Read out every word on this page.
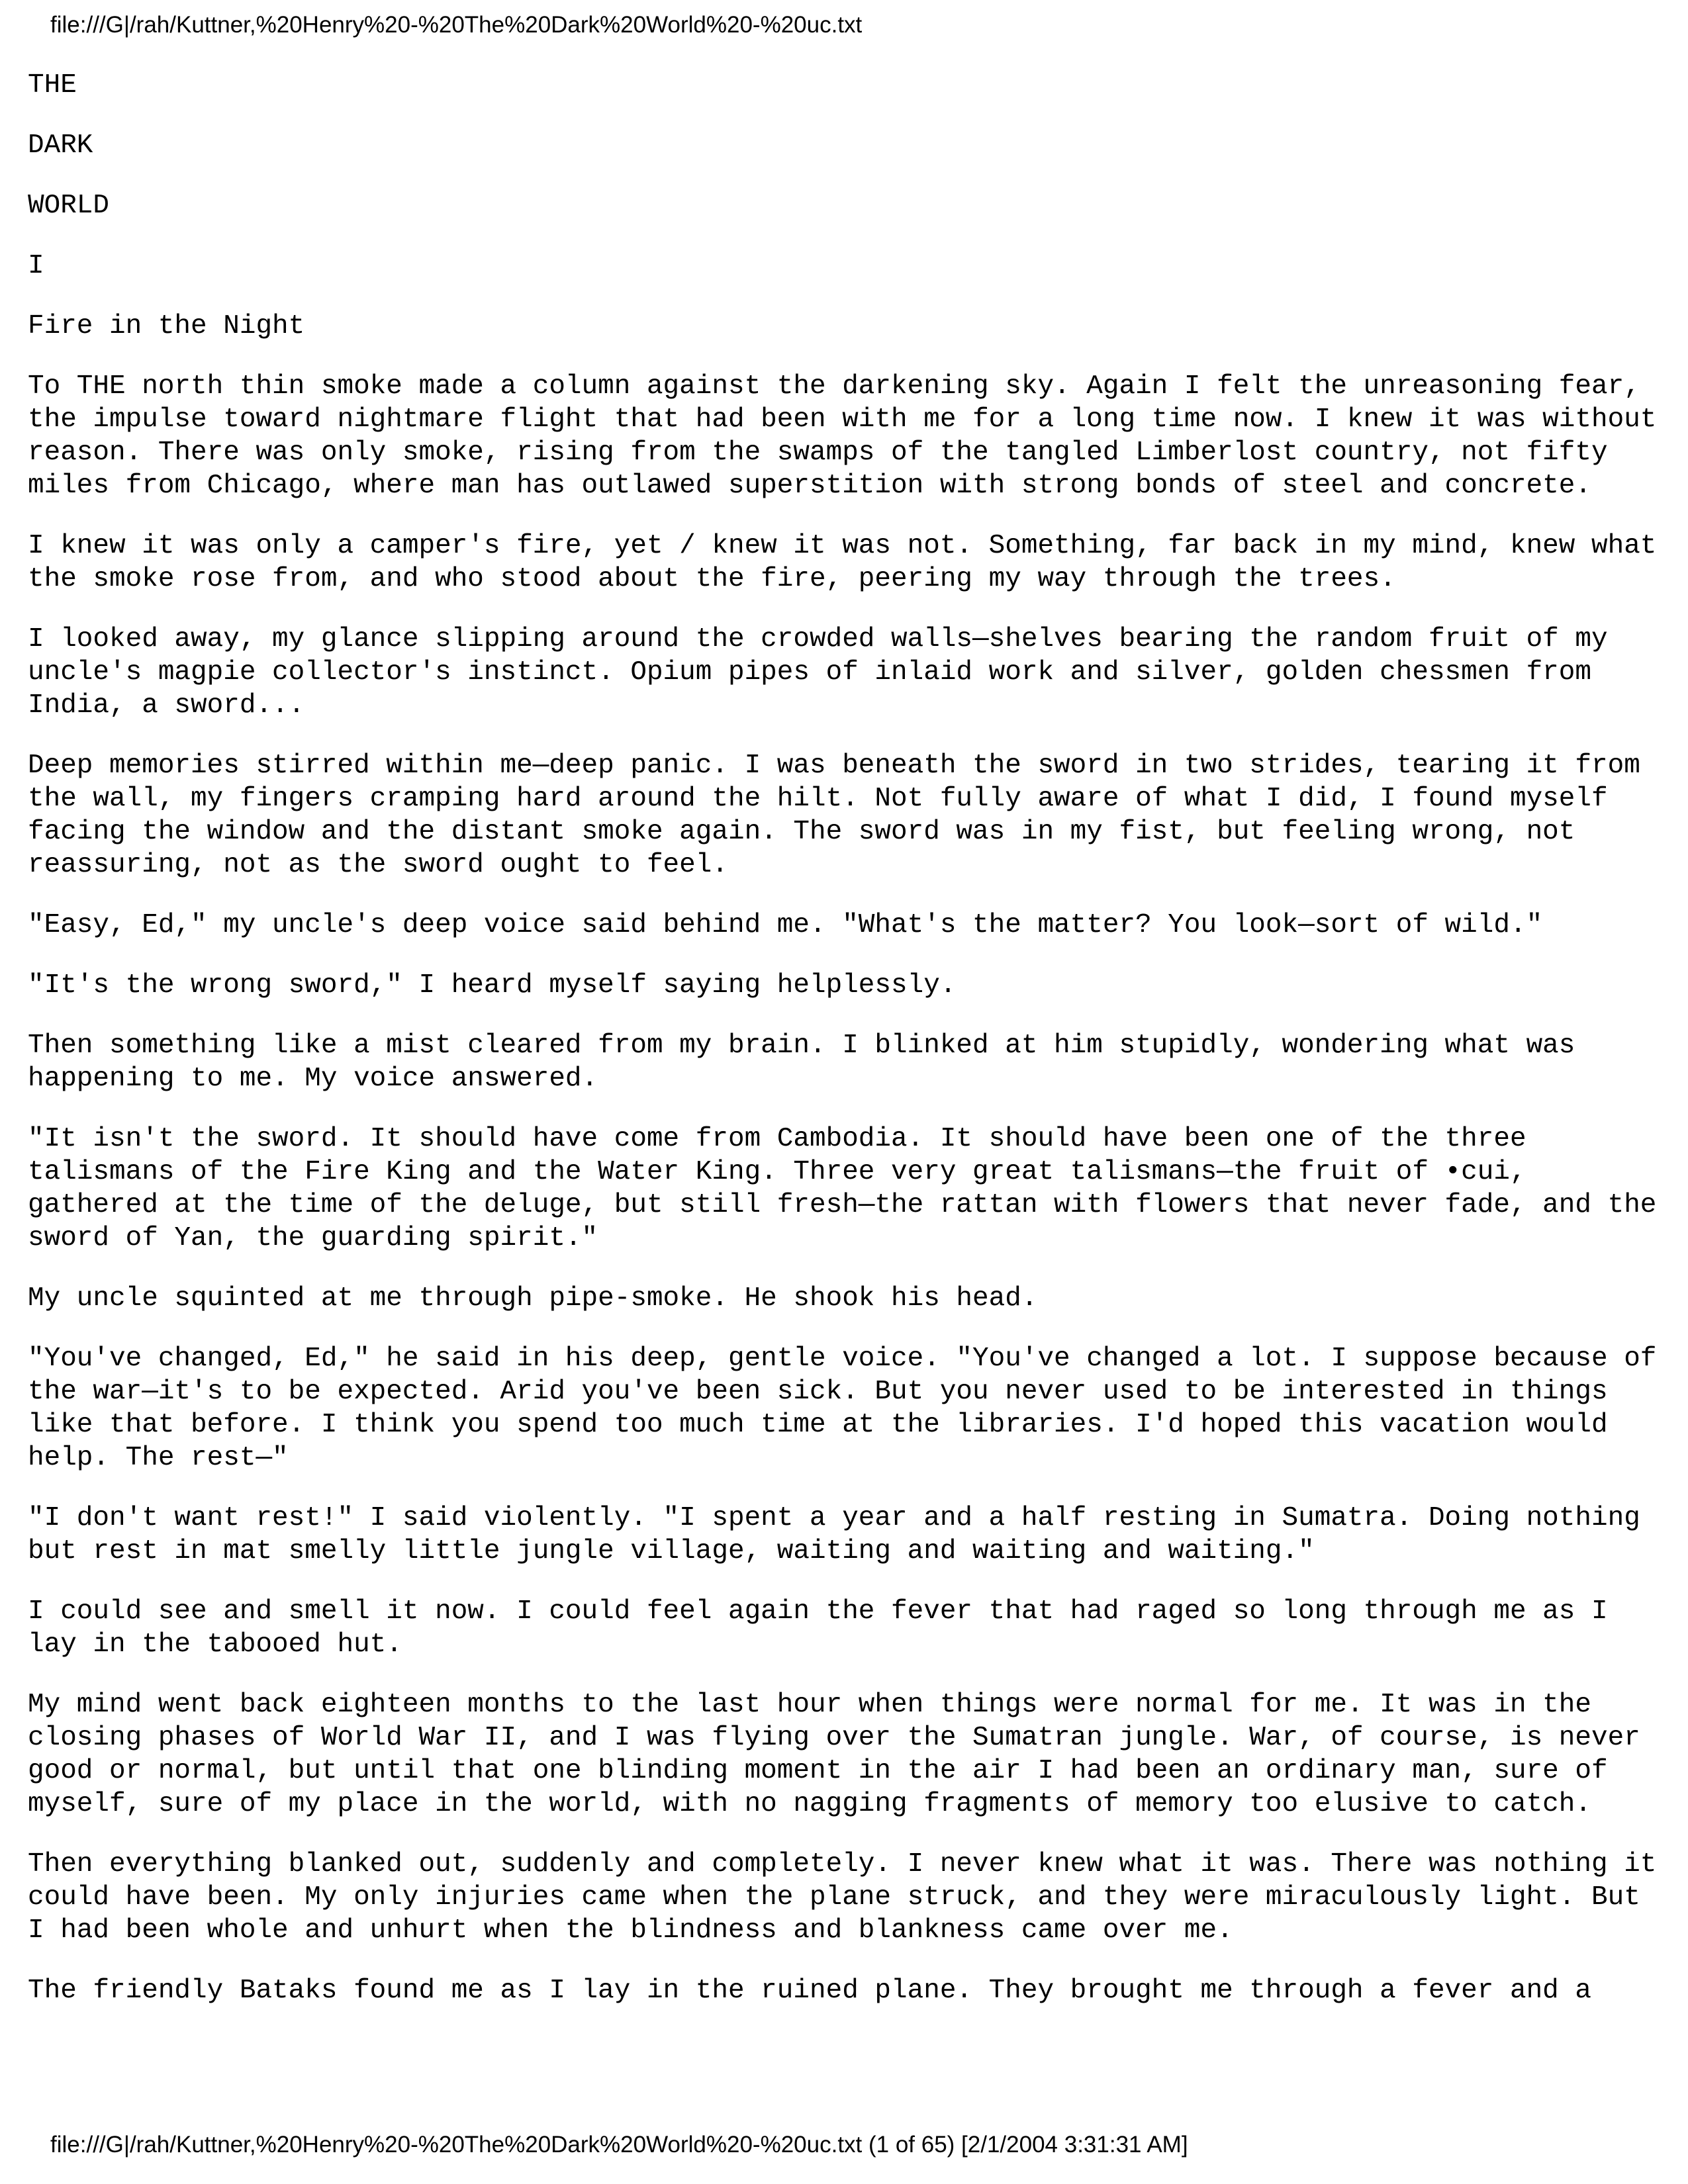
file:///G|/rah/Kuttner,%20Henry%20-%20The%20Dark%20World%20-%20uc.txt

THE

DARK

WORLD

I

Fire in the Night

To THE north thin smoke made a column against the darkening sky. Again I felt the unreasoning fear, the impulse toward nightmare flight that had been with me for a long time now. I knew it was without reason. There was only smoke, rising from the swamps of the tangled Limberlost country, not fifty miles from Chicago, where man has outlawed superstition with strong bonds of steel and concrete.

I knew it was only a camper's fire, yet / knew it was not. Something, far back in my mind, knew what the smoke rose from, and who stood about the fire, peering my way through the trees.

I looked away, my glance slipping around the crowded walls—shelves bearing the random fruit of my uncle's magpie collector's instinct. Opium pipes of inlaid work and silver, golden chessmen from India, a sword...

Deep memories stirred within me—deep panic. I was beneath the sword in two strides, tearing it from the wall, my fingers cramping hard around the hilt. Not fully aware of what I did, I found myself facing the window and the distant smoke again. The sword was in my fist, but feeling wrong, not reassuring, not as the sword ought to feel.

"Easy, Ed," my uncle's deep voice said behind me. "What's the matter? You look—sort of wild."

"It's the wrong sword," I heard myself saying helplessly.

Then something like a mist cleared from my brain. I blinked at him stupidly, wondering what was happening to me. My voice answered.

"It isn't the sword. It should have come from Cambodia. It should have been one of the three talismans of the Fire King and the Water King. Three very great talismans—the fruit of •cui, gathered at the time of the deluge, but still fresh—the rattan with flowers that never fade, and the sword of Yan, the guarding spirit."

My uncle squinted at me through pipe-smoke. He shook his head.

"You've changed, Ed," he said in his deep, gentle voice. "You've changed a lot. I suppose because of the war—it's to be expected. Arid you've been sick. But you never used to be interested in things like that before. I think you spend too much time at the libraries. I'd hoped this vacation would help. The rest—"

"I don't want rest!" I said violently. "I spent a year and a half resting in Sumatra. Doing nothing but rest in mat smelly little jungle village, waiting and waiting and waiting."

I could see and smell it now. I could feel again the fever that had raged so long through me as I lay in the tabooed hut.

My mind went back eighteen months to the last hour when things were normal for me. It was in the closing phases of World War II, and I was flying over the Sumatran jungle. War, of course, is never good or normal, but until that one blinding moment in the air I had been an ordinary man, sure of myself, sure of my place in the world, with no nagging fragments of memory too elusive to catch.

Then everything blanked out, suddenly and completely. I never knew what it was. There was nothing it could have been. My only injuries came when the plane struck, and they were miraculously light. But I had been whole and unhurt when the blindness and blankness came over me.

The friendly Bataks found me as I lay in the ruined plane. They brought me through a fever and a

file:///G|/rah/Kuttner,%20Henry%20-%20The%20Dark%20World%20-%20uc.txt (1 of 65) [2/1/2004 3:31:31 AM]
